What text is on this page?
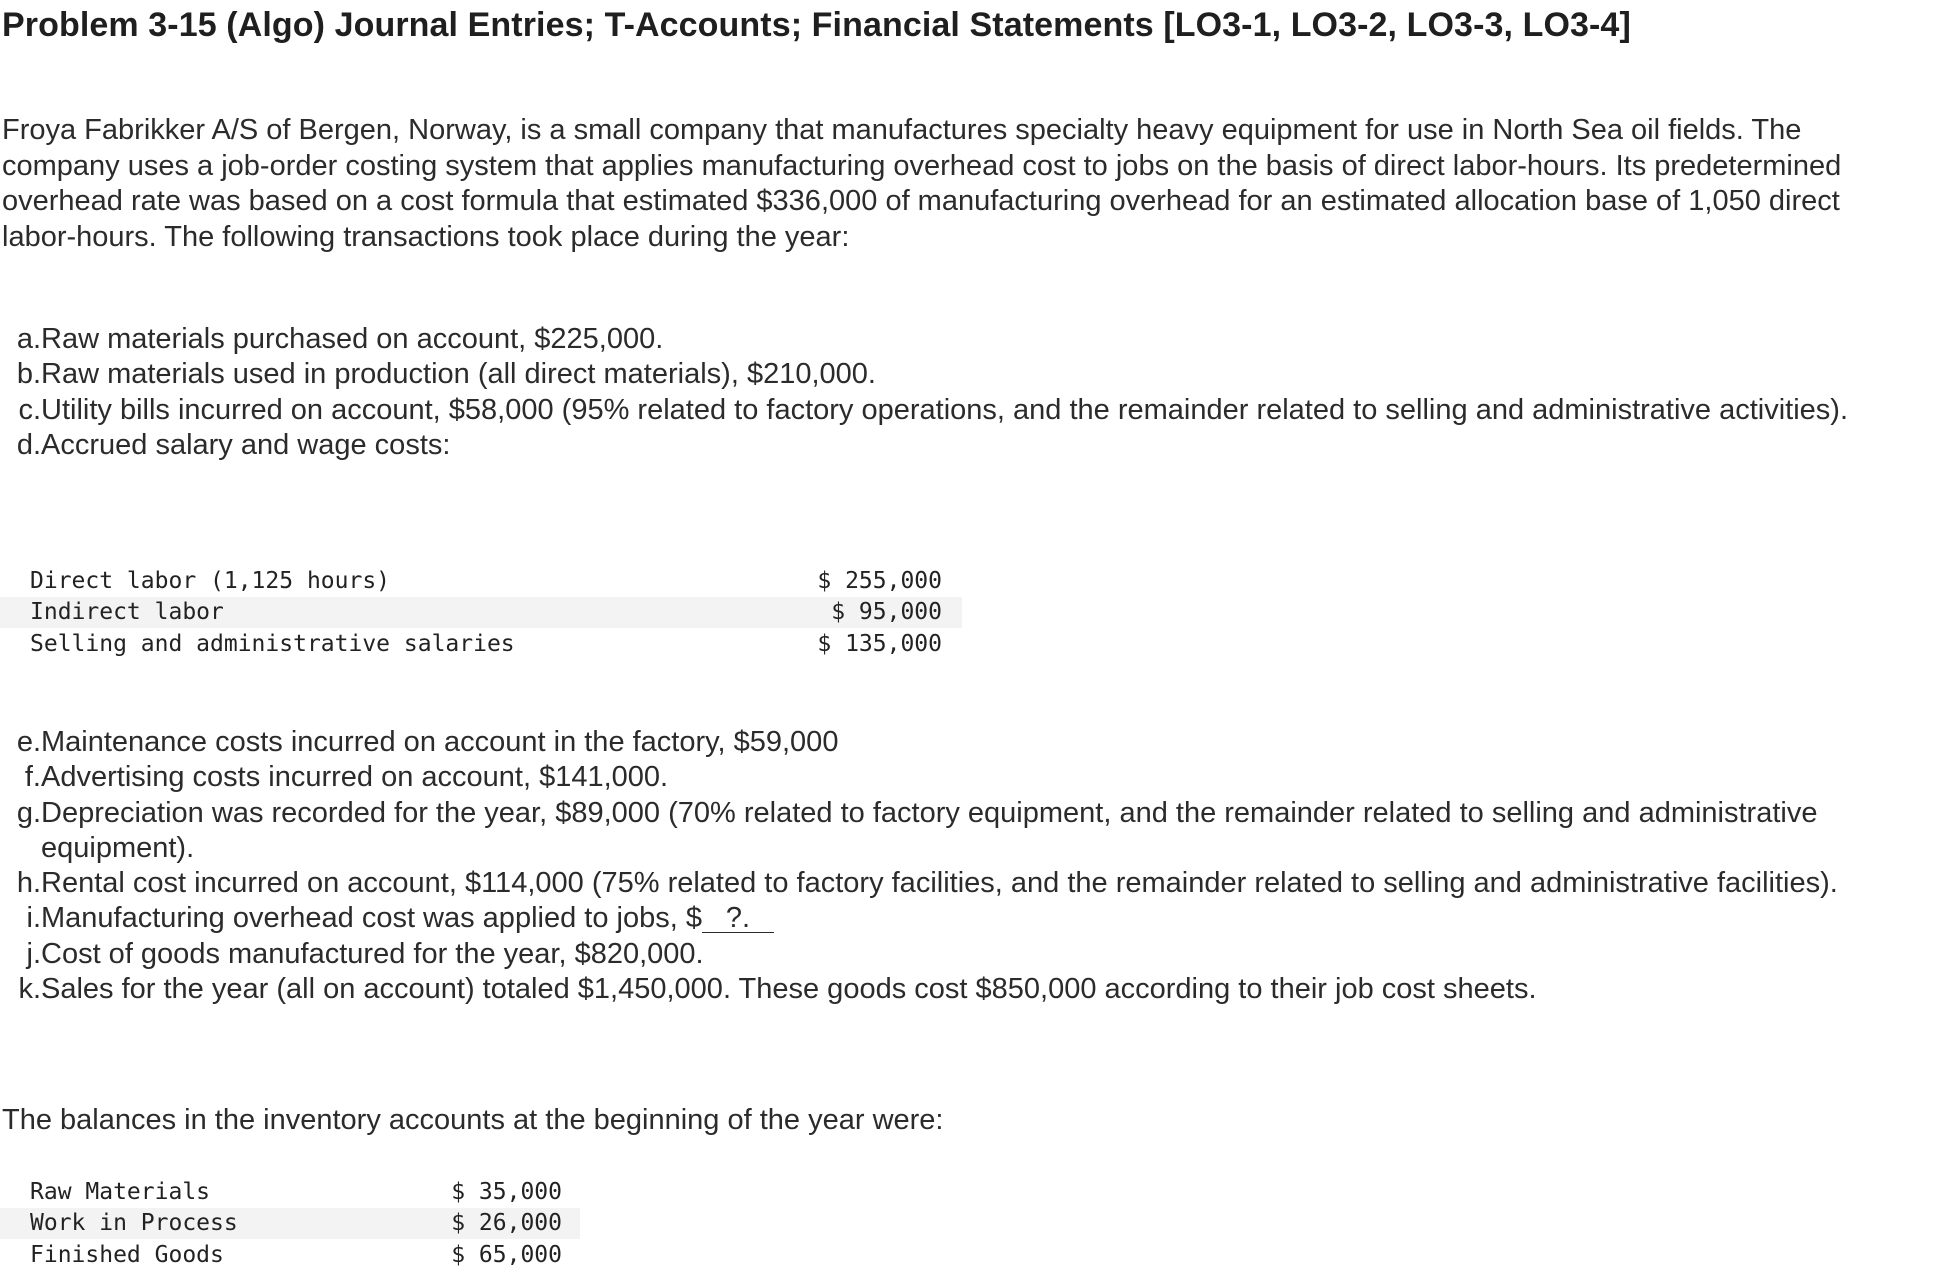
Problem 3-15 (Algo) Journal Entries; T-Accounts; Financial Statements [LO3-1, LO3-2, LO3-3, LO3-4]

Froya Fabrikker A/S of Bergen, Norway, is a small company that manufactures specialty heavy equipment for use in North Sea oil fields. The company uses a job-order costing system that applies manufacturing overhead cost to jobs on the basis of direct labor-hours. Its predetermined overhead rate was based on a cost formula that estimated $336,000 of manufacturing overhead for an estimated allocation base of 1,050 direct labor-hours. The following transactions took place during the year:

a. Raw materials purchased on account, $225,000.
b. Raw materials used in production (all direct materials), $210,000.
c. Utility bills incurred on account, $58,000 (95% related to factory operations, and the remainder related to selling and administrative activities).
d. Accrued salary and wage costs:
Direct labor (1,125 hours)	$ 255,000
Indirect labor	$ 95,000
Selling and administrative salaries	$ 135,000
e. Maintenance costs incurred on account in the factory, $59,000
f. Advertising costs incurred on account, $141,000.
g. Depreciation was recorded for the year, $89,000 (70% related to factory equipment, and the remainder related to selling and administrative equipment).
h. Rental cost incurred on account, $114,000 (75% related to factory facilities, and the remainder related to selling and administrative facilities).
i. Manufacturing overhead cost was applied to jobs, $ ?.
j. Cost of goods manufactured for the year, $820,000.
k. Sales for the year (all on account) totaled $1,450,000. These goods cost $850,000 according to their job cost sheets.

The balances in the inventory accounts at the beginning of the year were:

Raw Materials	$ 35,000
Work in Process	$ 26,000
Finished Goods	$ 65,000
